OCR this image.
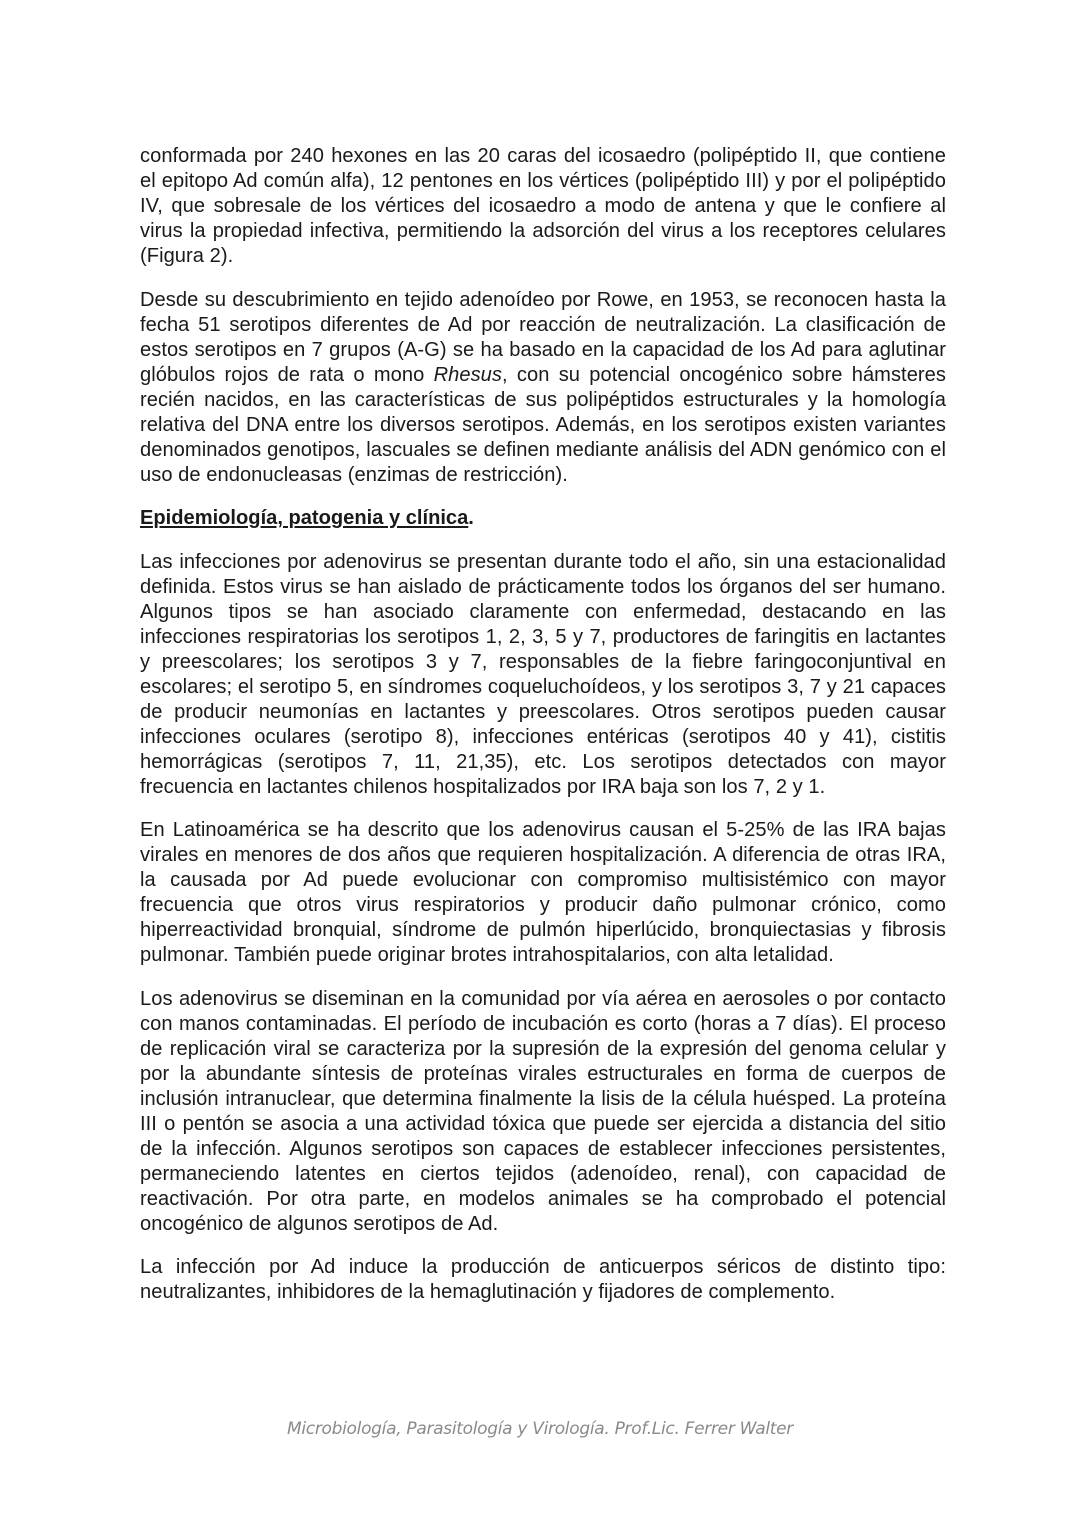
conformada por 240 hexones en las 20 caras del icosaedro (polipéptido II, que contiene el epitopo Ad común alfa), 12 pentones en los vértices (polipéptido III) y por el polipéptido IV, que sobresale de los vértices del icosaedro a modo de antena y que le confiere al virus la propiedad infectiva, permitiendo la adsorción del virus a los receptores celulares (Figura 2).

Desde su descubrimiento en tejido adenoídeo por Rowe, en 1953, se reconocen hasta la fecha 51 serotipos diferentes de Ad por reacción de neutralización. La clasificación de estos serotipos en 7 grupos (A-G) se ha basado en la capacidad de los Ad para aglutinar glóbulos rojos de rata o mono Rhesus, con su potencial oncogénico sobre hámsteres recién nacidos, en las características de sus polipéptidos estructurales y la homología relativa del DNA entre los diversos serotipos. Además, en los serotipos existen variantes denominados genotipos, lascuales se definen mediante análisis del ADN genómico con el uso de endonucleasas (enzimas de restricción).

Epidemiología, patogenia y clínica.

Las infecciones por adenovirus se presentan durante todo el año, sin una estacionalidad definida. Estos virus se han aislado de prácticamente todos los órganos del ser humano. Algunos tipos se han asociado claramente con enfermedad, destacando en las infecciones respiratorias los serotipos 1, 2, 3, 5 y 7, productores de faringitis en lactantes y preescolares; los serotipos 3 y 7, responsables de la fiebre faringoconjuntival en escolares; el serotipo 5, en síndromes coqueluchoídeos, y los serotipos 3, 7 y 21 capaces de producir neumonías en lactantes y preescolares. Otros serotipos pueden causar infecciones oculares (serotipo 8), infecciones entéricas (serotipos 40 y 41), cistitis hemorrágicas (serotipos 7, 11, 21,35), etc. Los serotipos detectados con mayor frecuencia en lactantes chilenos hospitalizados por IRA baja son los 7, 2 y 1.

En Latinoamérica se ha descrito que los adenovirus causan el 5-25% de las IRA bajas virales en menores de dos años que requieren hospitalización. A diferencia de otras IRA, la causada por Ad puede evolucionar con compromiso multisistémico con mayor frecuencia que otros virus respiratorios y producir daño pulmonar crónico, como hiperreactividad bronquial, síndrome de pulmón hiperlúcido, bronquiectasias y fibrosis pulmonar. También puede originar brotes intrahospitalarios, con alta letalidad.

Los adenovirus se diseminan en la comunidad por vía aérea en aerosoles o por contacto con manos contaminadas. El período de incubación es corto (horas a 7 días). El proceso de replicación viral se caracteriza por la supresión de la expresión del genoma celular y por la abundante síntesis de proteínas virales estructurales en forma de cuerpos de inclusión intranuclear, que determina finalmente la lisis de la célula huésped. La proteína III o pentón se asocia a una actividad tóxica que puede ser ejercida a distancia del sitio de la infección. Algunos serotipos son capaces de establecer infecciones persistentes, permaneciendo latentes en ciertos tejidos (adenoídeo, renal), con capacidad de reactivación. Por otra parte, en modelos animales se ha comprobado el potencial oncogénico de algunos serotipos de Ad.

La infección por Ad induce la producción de anticuerpos séricos de distinto tipo: neutralizantes, inhibidores de la hemaglutinación y fijadores de complemento.

Microbiología, Parasitología y Virología. Prof.Lic. Ferrer Walter
